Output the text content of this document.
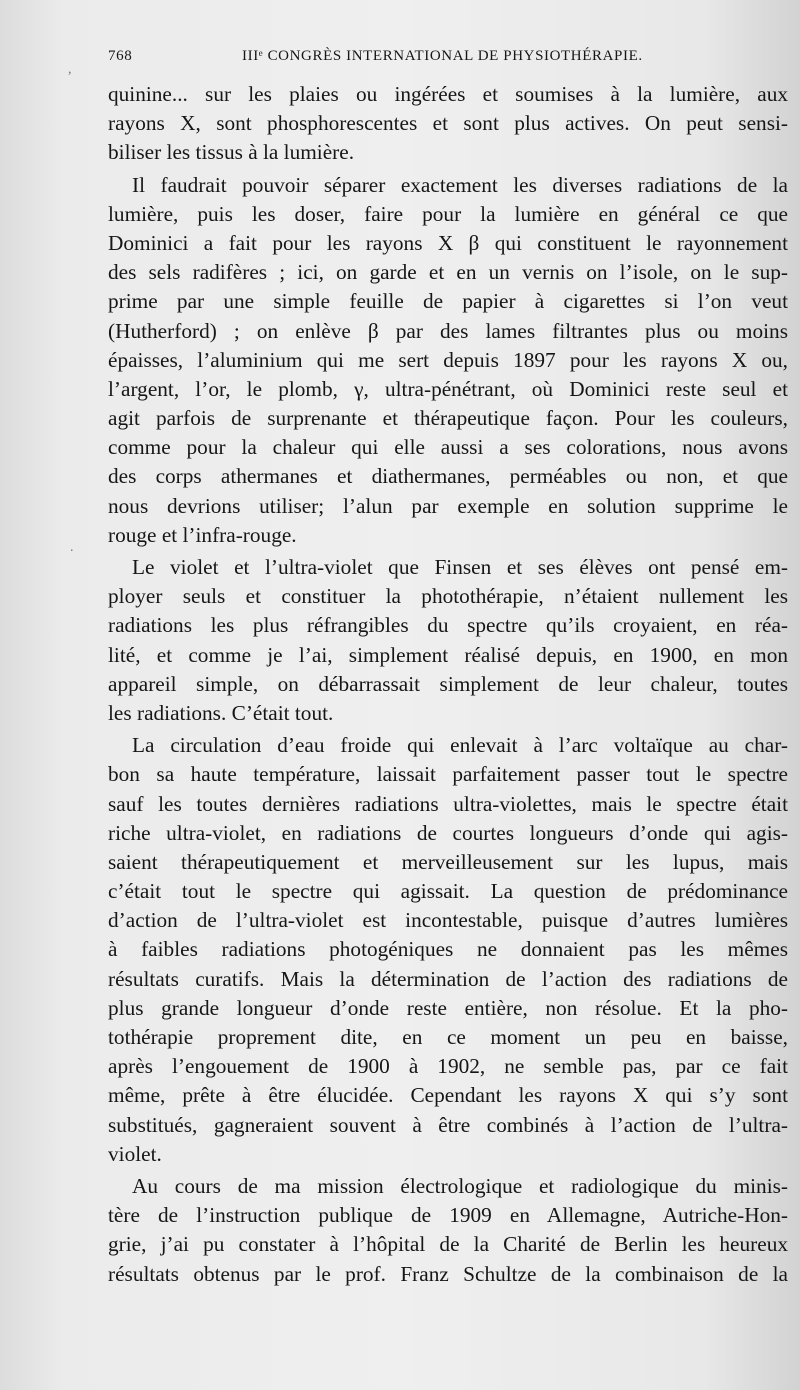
768	IIIᵉ CONGRÈS INTERNATIONAL DE PHYSIOTHÉRAPIE.
quinine... sur les plaies ou ingérées et soumises à la lumière, aux
rayons X, sont phosphorescentes et sont plus actives. On peut sensi-
biliser les tissus à la lumière.
Il faudrait pouvoir séparer exactement les diverses radiations de la
lumière, puis les doser, faire pour la lumière en général ce que
Dominici a fait pour les rayons X β qui constituent le rayonnement
des sels radifères ; ici, on garde et en un vernis on l’isole, on le sup-
prime par une simple feuille de papier à cigarettes si l’on veut
(Hutherford) ; on enlève β par des lames filtrantes plus ou moins
épaisses, l’aluminium qui me sert depuis 1897 pour les rayons X ou,
l’argent, l’or, le plomb, γ, ultra-pénétrant, où Dominici reste seul et
agit parfois de surprenante et thérapeutique façon. Pour les couleurs,
comme pour la chaleur qui elle aussi a ses colorations, nous avons
des corps athermanes et diathermanes, perméables ou non, et que
nous devrions utiliser; l’alun par exemple en solution supprime le
rouge et l’infra-rouge.
Le violet et l’ultra-violet que Finsen et ses élèves ont pensé em-
ployer seuls et constituer la photothérapie, n’étaient nullement les
radiations les plus réfrangibles du spectre qu’ils croyaient, en réa-
lité, et comme je l’ai, simplement réalisé depuis, en 1900, en mon
appareil simple, on débarrassait simplement de leur chaleur, toutes
les radiations. C’était tout.
La circulation d’eau froide qui enlevait à l’arc voltaïque au char-
bon sa haute température, laissait parfaitement passer tout le spectre
sauf les toutes dernières radiations ultra-violettes, mais le spectre était
riche ultra-violet, en radiations de courtes longueurs d’onde qui agis-
saient thérapeutiquement et merveilleusement sur les lupus, mais
c’était tout le spectre qui agissait. La question de prédominance
d’action de l’ultra-violet est incontestable, puisque d’autres lumières
à faibles radiations photogéniques ne donnaient pas les mêmes
résultats curatifs. Mais la détermination de l’action des radiations de
plus grande longueur d’onde reste entière, non résolue. Et la pho-
tothérapie proprement dite, en ce moment un peu en baisse,
après l’engouement de 1900 à 1902, ne semble pas, par ce fait
même, prête à être élucidée. Cependant les rayons X qui s’y sont
substitués, gagneraient souvent à être combinés à l’action de l’ultra-
violet.
Au cours de ma mission électrologique et radiologique du minis-
tère de l’instruction publique de 1909 en Allemagne, Autriche-Hon-
grie, j’ai pu constater à l’hôpital de la Charité de Berlin les heureux
résultats obtenus par le prof. Franz Schultze de la combinaison de la
,
.
